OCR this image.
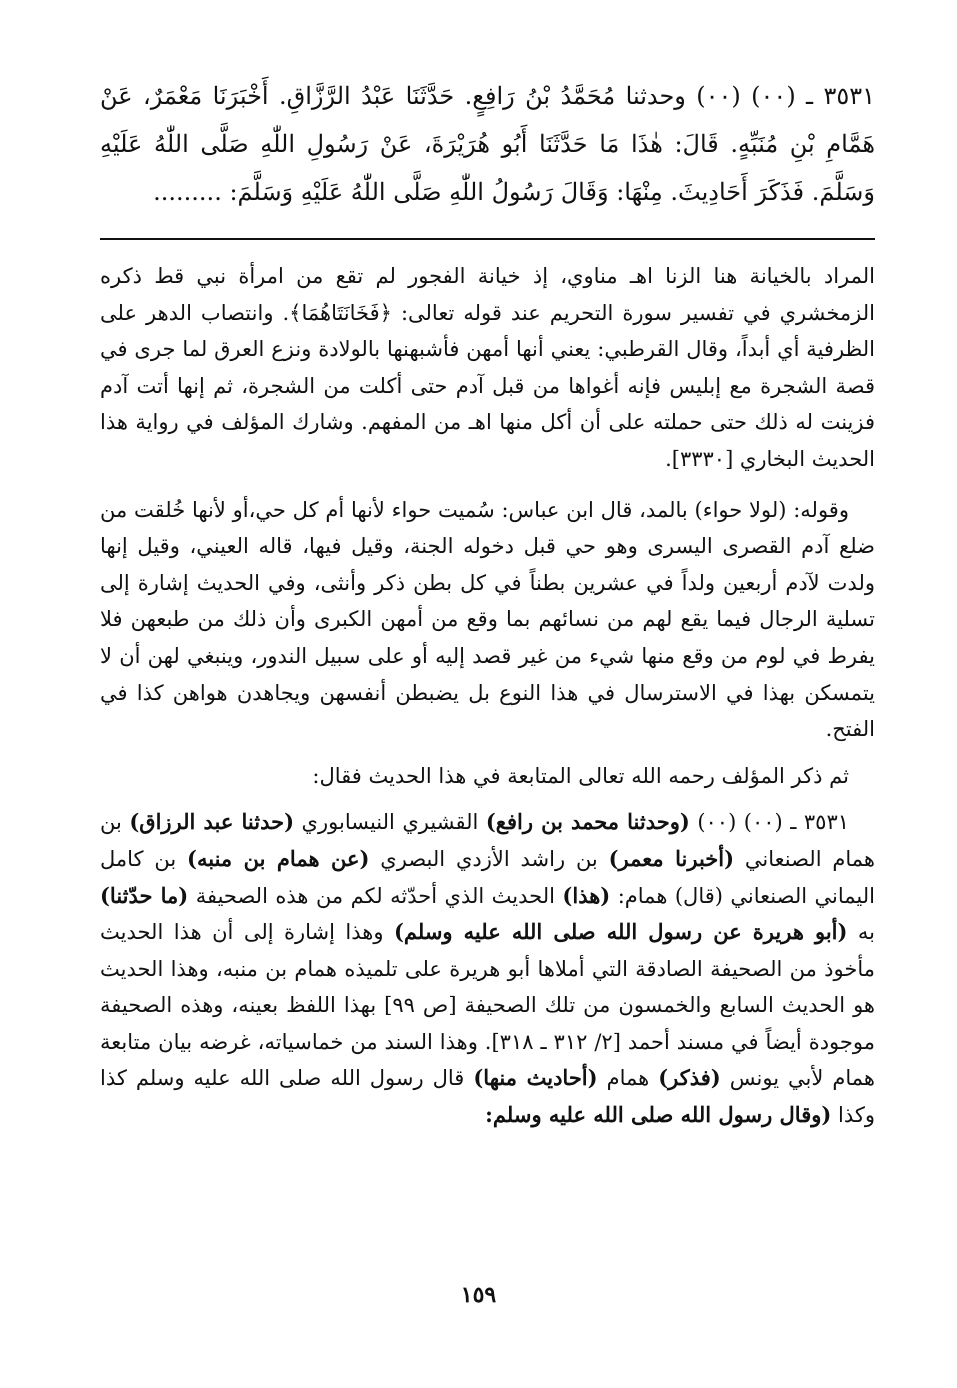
٣٥٣١ ـ (٠٠) (٠٠) وحدثنا مُحَمَّدُ بْنُ رَافِعٍ. حَدَّثَنَا عَبْدُ الرَّزَّاقِ. أَخْبَرَنَا مَعْمَرٌ، عَنْ هَمَّامِ بْنِ مُنَبِّهٍ. قَالَ: هٰذَا مَا حَدَّثَنَا أَبُو هُرَيْرَةَ، عَنْ رَسُولِ اللّٰهِ صَلَّى اللّٰهُ عَلَيْهِ وَسَلَّمَ. فَذَكَرَ أَحَادِيثَ. مِنْهَا: وَقَالَ رَسُولُ اللّٰهِ صَلَّى اللّٰهُ عَلَيْهِ وَسَلَّمَ: .........

المراد بالخيانة هنا الزنا اهـ مناوي، إذ خيانة الفجور لم تقع من امرأة نبي قط ذكره الزمخشري في تفسير سورة التحريم عند قوله تعالى: ﴿فَخَانَتَاهُمَا﴾. وانتصاب الدهر على الظرفية أي أبداً، وقال القرطبي: يعني أنها أمهن فأشبهنها بالولادة ونزع العرق لما جرى في قصة الشجرة مع إبليس فإنه أغواها من قبل آدم حتى أكلت من الشجرة، ثم إنها أتت آدم فزينت له ذلك حتى حملته على أن أكل منها اهـ من المفهم. وشارك المؤلف في رواية هذا الحديث البخاري [٣٣٣٠].

وقوله: (لولا حواء) بالمد، قال ابن عباس: سُميت حواء لأنها أم كل حي،أو لأنها خُلقت من ضلع آدم القصرى اليسرى وهو حي قبل دخوله الجنة، وقيل فيها، قاله العيني، وقيل إنها ولدت لآدم أربعين ولداً في عشرين بطناً في كل بطن ذكر وأنثى، وفي الحديث إشارة إلى تسلية الرجال فيما يقع لهم من نسائهم بما وقع من أمهن الكبرى وأن ذلك من طبعهن فلا يفرط في لوم من وقع منها شيء من غير قصد إليه أو على سبيل الندور، وينبغي لهن أن لا يتمسكن بهذا في الاسترسال في هذا النوع بل يضبطن أنفسهن ويجاهدن هواهن كذا في الفتح.

ثم ذكر المؤلف رحمه الله تعالى المتابعة في هذا الحديث فقال:

٣٥٣١ ـ (٠٠) (٠٠) (وحدثنا محمد بن رافع) القشيري النيسابوري (حدثنا عبد الرزاق) بن همام الصنعاني (أخبرنا معمر) بن راشد الأزدي البصري (عن همام بن منبه) بن كامل اليماني الصنعاني (قال) همام: (هذا) الحديث الذي أحدّثه لكم من هذه الصحيفة (ما حدّثنا) به (أبو هريرة عن رسول الله صلى الله عليه وسلم) وهذا إشارة إلى أن هذا الحديث مأخوذ من الصحيفة الصادقة التي أملاها أبو هريرة على تلميذه همام بن منبه، وهذا الحديث هو الحديث السابع والخمسون من تلك الصحيفة [ص ٩٩] بهذا اللفظ بعينه، وهذه الصحيفة موجودة أيضاً في مسند أحمد [٢/ ٣١٢ ـ ٣١٨]. وهذا السند من خماسياته، غرضه بيان متابعة همام لأبي يونس (فذكر) همام (أحاديث منها) قال رسول الله صلى الله عليه وسلم كذا وكذا (وقال رسول الله صلى الله عليه وسلم:

١٥٩
